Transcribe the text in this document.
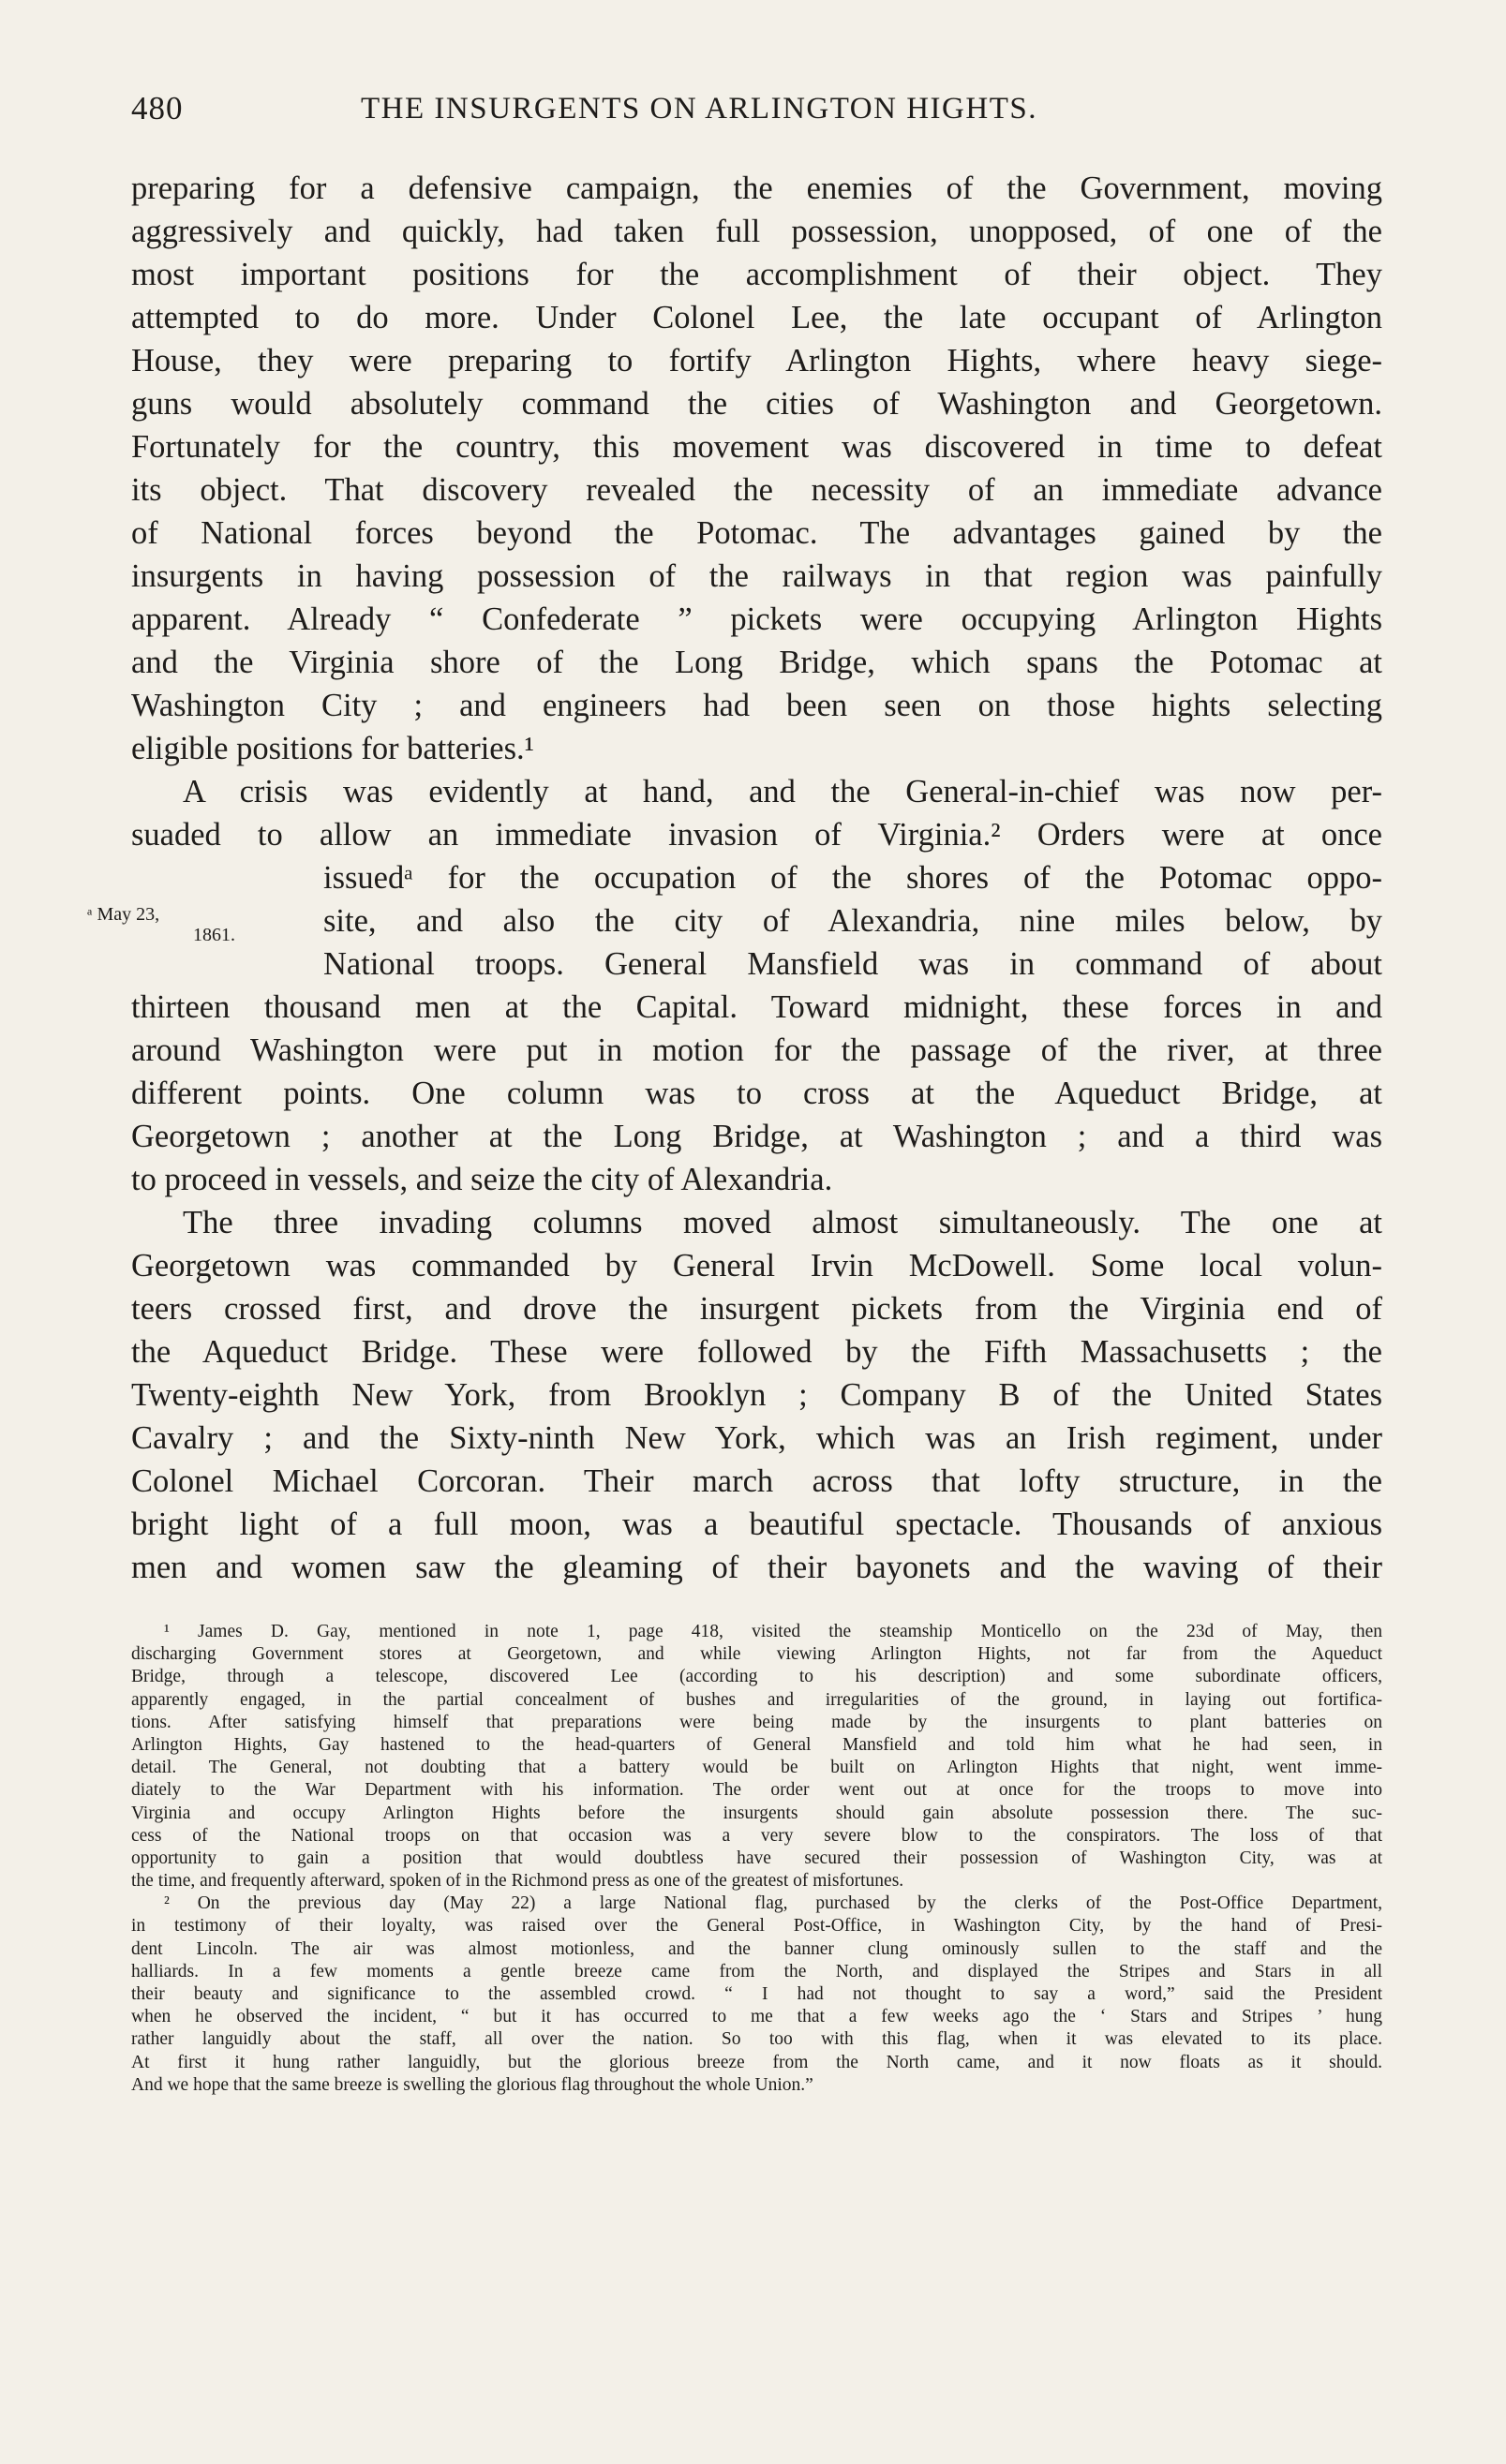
480	THE INSURGENTS ON ARLINGTON HIGHTS.
preparing for a defensive campaign, the enemies of the Government, moving
aggressively and quickly, had taken full possession, unopposed, of one of the
most important positions for the accomplishment of their object. They
attempted to do more. Under Colonel Lee, the late occupant of Arlington
House, they were preparing to fortify Arlington Hights, where heavy siege-
guns would absolutely command the cities of Washington and Georgetown.
Fortunately for the country, this movement was discovered in time to defeat
its object. That discovery revealed the necessity of an immediate advance
of National forces beyond the Potomac. The advantages gained by the
insurgents in having possession of the railways in that region was painfully
apparent. Already “ Confederate ” pickets were occupying Arlington Hights
and the Virginia shore of the Long Bridge, which spans the Potomac at
Washington City ; and engineers had been seen on those hights selecting
eligible positions for batteries.¹
A crisis was evidently at hand, and the General-in-chief was now per-
suaded to allow an immediate invasion of Virginia.² Orders were at once
issuedᵃ for the occupation of the shores of the Potomac oppo-
site, and also the city of Alexandria, nine miles below, by
National troops. General Mansfield was in command of about
thirteen thousand men at the Capital. Toward midnight, these forces in and
around Washington were put in motion for the passage of the river, at three
different points. One column was to cross at the Aqueduct Bridge, at
Georgetown ; another at the Long Bridge, at Washington ; and a third was
to proceed in vessels, and seize the city of Alexandria.
The three invading columns moved almost simultaneously. The one at
Georgetown was commanded by General Irvin McDowell. Some local volun-
teers crossed first, and drove the insurgent pickets from the Virginia end of
the Aqueduct Bridge. These were followed by the Fifth Massachusetts ; the
Twenty-eighth New York, from Brooklyn ; Company B of the United States
Cavalry ; and the Sixty-ninth New York, which was an Irish regiment, under
Colonel Michael Corcoran. Their march across that lofty structure, in the
bright light of a full moon, was a beautiful spectacle. Thousands of anxious
men and women saw the gleaming of their bayonets and the waving of their
ᵃ May 23,
1861.
¹ James D. Gay, mentioned in note 1, page 418, visited the steamship Monticello on the 23d of May, then
discharging Government stores at Georgetown, and while viewing Arlington Hights, not far from the Aqueduct
Bridge, through a telescope, discovered Lee (according to his description) and some subordinate officers,
apparently engaged, in the partial concealment of bushes and irregularities of the ground, in laying out fortifica-
tions. After satisfying himself that preparations were being made by the insurgents to plant batteries on
Arlington Hights, Gay hastened to the head-quarters of General Mansfield and told him what he had seen, in
detail. The General, not doubting that a battery would be built on Arlington Hights that night, went imme-
diately to the War Department with his information. The order went out at once for the troops to move into
Virginia and occupy Arlington Hights before the insurgents should gain absolute possession there. The suc-
cess of the National troops on that occasion was a very severe blow to the conspirators. The loss of that
opportunity to gain a position that would doubtless have secured their possession of Washington City, was at
the time, and frequently afterward, spoken of in the Richmond press as one of the greatest of misfortunes.
² On the previous day (May 22) a large National flag, purchased by the clerks of the Post-Office Department,
in testimony of their loyalty, was raised over the General Post-Office, in Washington City, by the hand of Presi-
dent Lincoln. The air was almost motionless, and the banner clung ominously sullen to the staff and the
halliards. In a few moments a gentle breeze came from the North, and displayed the Stripes and Stars in all
their beauty and significance to the assembled crowd. “ I had not thought to say a word,” said the President
when he observed the incident, “ but it has occurred to me that a few weeks ago the ‘ Stars and Stripes ’ hung
rather languidly about the staff, all over the nation. So too with this flag, when it was elevated to its place.
At first it hung rather languidly, but the glorious breeze from the North came, and it now floats as it should.
And we hope that the same breeze is swelling the glorious flag throughout the whole Union.”
